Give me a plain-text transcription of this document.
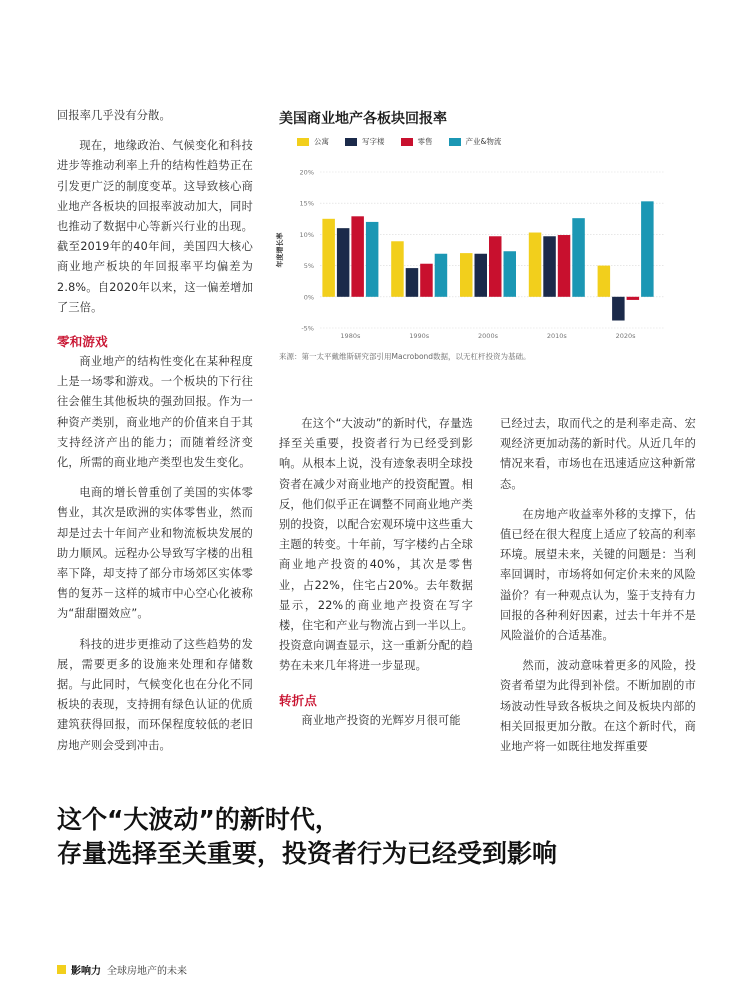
回报率几乎没有分散。

现在，地缘政治、气候变化和科技进步等推动利率上升的结构性趋势正在引发更广泛的制度变革。这导致核心商业地产各板块的回报率波动加大，同时也推动了数据中心等新兴行业的出现。截至2019年的40年间，美国四大核心商业地产板块的年回报率平均偏差为 2.8%。自2020年以来，这一偏差增加了三倍。

零和游戏

商业地产的结构性变化在某种程度上是一场零和游戏。一个板块的下行往往会催生其他板块的强劲回报。作为一种资产类别，商业地产的价值来自于其支持经济产出的能力；而随着经济变化，所需的商业地产类型也发生变化。

电商的增长曾重创了美国的实体零售业，其次是欧洲的实体零售业，然而却是过去十年间产业和物流板块发展的助力顺风。远程办公导致写字楼的出租率下降，却支持了部分市场郊区实体零售的复苏－这样的城市中心空心化被称为“甜甜圈效应”。

科技的进步更推动了这些趋势的发展，需要更多的设施来处理和存储数据。与此同时，气候变化也在分化不同板块的表现，支持拥有绿色认证的优质建筑获得回报，而环保程度较低的老旧房地产则会受到冲击。

美国商业地产各板块回报率
公寓	写字楼	零售	产业&物流
-5%
0%
5%
10%
15%
20%
年度增长率
1980s	1990s	2000s	2010s	2020s

来源：第一太平戴维斯研究部引用Macrobond数据，以无杠杆投资为基础。

在这个“大波动”的新时代，存量选择至关重要，投资者行为已经受到影响。从根本上说，没有迹象表明全球投资者在减少对商业地产的投资配置。相反，他们似乎正在调整不同商业地产类别的投资，以配合宏观环境中这些重大主题的转变。十年前，写字楼约占全球商业地产投资的40%，其次是零售业，占22%，住宅占20%。去年数据显示，22%的商业地产投资在写字楼，住宅和产业与物流占到一半以上。投资意向调查显示，这一重新分配的趋势在未来几年将进一步显现。

转折点

商业地产投资的光辉岁月很可能

已经过去，取而代之的是利率走高、宏观经济更加动荡的新时代。从近几年的情况来看，市场也在迅速适应这种新常态。

在房地产收益率外移的支撑下，估值已经在很大程度上适应了较高的利率环境。展望未来，关键的问题是：当利率回调时，市场将如何定价未来的风险溢价？有一种观点认为，鉴于支持有力回报的各种利好因素，过去十年并不是风险溢价的合适基准。

然而，波动意味着更多的风险，投资者希望为此得到补偿。不断加剧的市场波动性导致各板块之间及板块内部的相关回报更加分散。在这个新时代，商业地产将一如既往地发挥重要

这个“大波动”的新时代，
存量选择至关重要，投资者行为已经受到影响
影响力 全球房地产的未来
